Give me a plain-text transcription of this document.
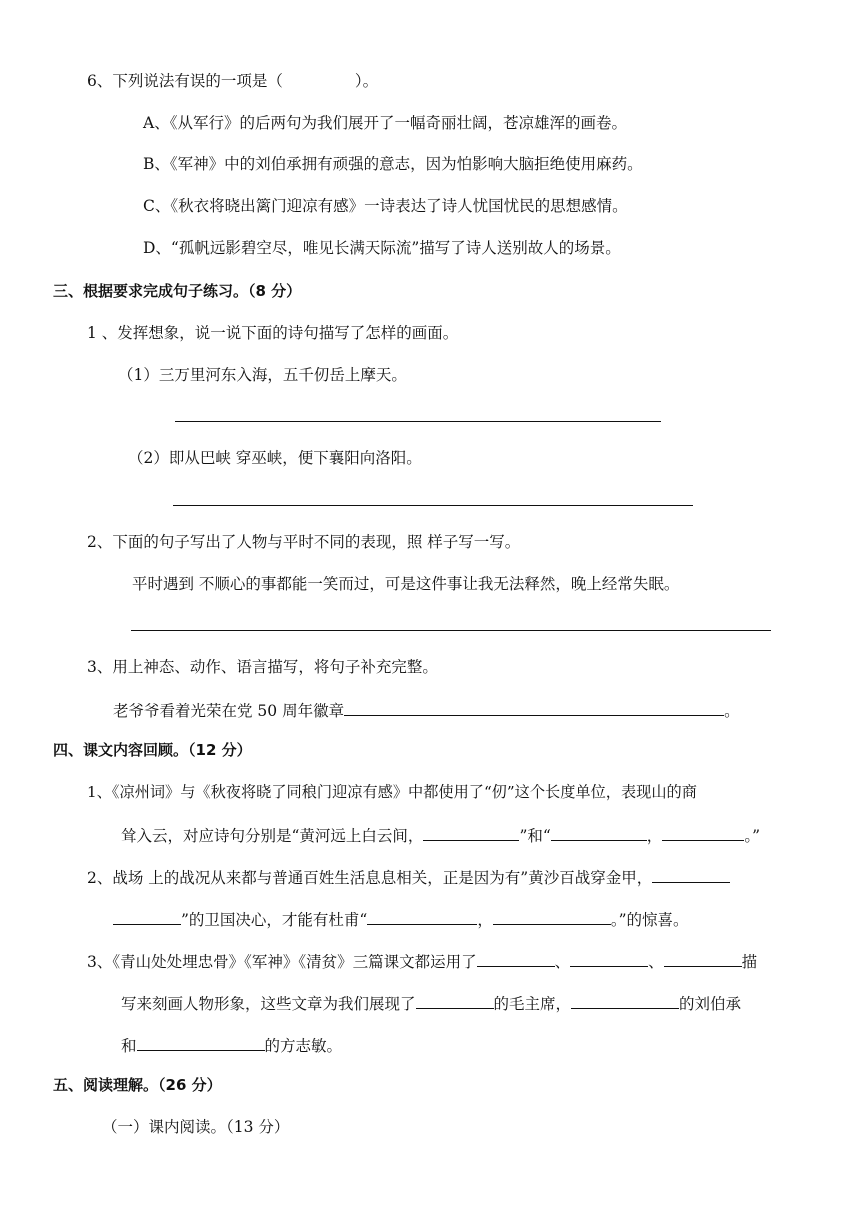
6、下列说法有误的一项是（	）。
A、《从军行》的后两句为我们展开了一幅奇丽壮阔，苍凉雄浑的画卷。
B、《军神》中的刘伯承拥有顽强的意志，因为怕影响大脑拒绝使用麻药。
C、《秋衣将晓出篱门迎凉有感》一诗表达了诗人忧国忧民的思想感情。
D、“孤帆远影碧空尽，唯见长满天际流”描写了诗人送别故人的场景。
三、根据要求完成句子练习。（8 分）
1 、发挥想象，说一说下面的诗句描写了怎样的画面。
（1）三万里河东入海，五千仞岳上摩天。
（2）即从巴峡 穿巫峡，便下襄阳向洛阳。
2、下面的句子写出了人物与平时不同的表现，照 样子写一写。
平时遇到 不顺心的事都能一笑而过，可是这件事让我无法释然，晚上经常失眠。
3、用上神态、动作、语言描写，将句子补充完整。
老爷爷看着光荣在党 50 周年徽章	。
四、课文内容回顾。（12 分）
1、《凉州词》与《秋夜将晓了同稂门迎凉有感》中都使用了“仞”这个长度单位，表现山的商
耸入云，对应诗句分别是“黄河远上白云间，	”和“	，	。”
2、战场 上的战况从来都与普通百姓生活息息相关，正是因为有”黄沙百战穿金甲，
”的卫国决心，才能有杜甫“	，	。”的惊喜。
3、《青山处处埋忠骨》《军神》《清贫》三篇课文都运用了	、	、	描
写来刻画人物形象，这些文章为我们展现了	的毛主席，	的刘伯承
和	的方志敏。
五、阅读理解。（26 分）
（一）课内阅读。（13 分）
